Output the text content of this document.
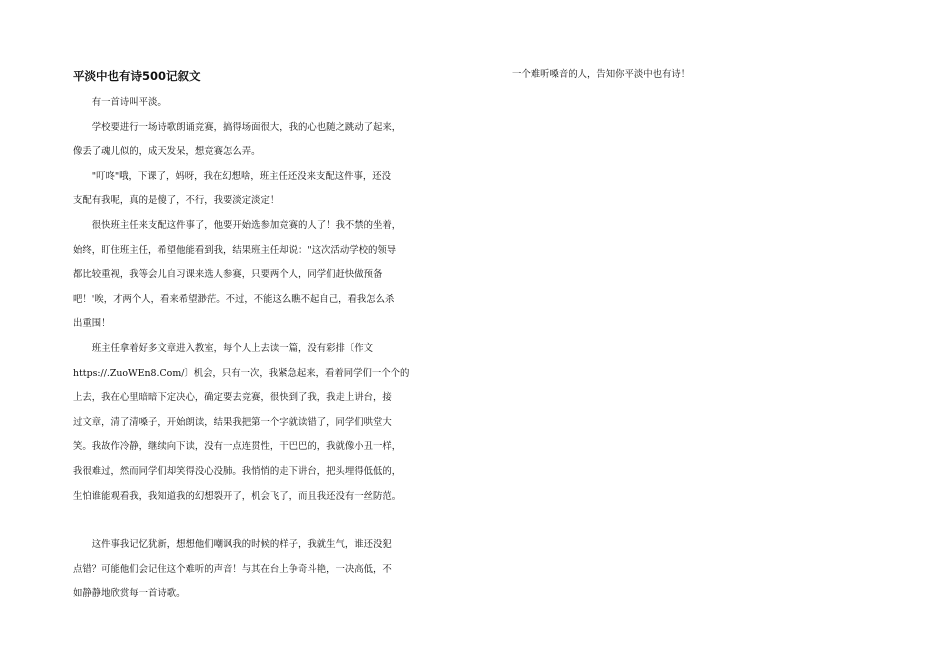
平淡中也有诗500记叙文

有一首诗叫平淡。

学校要进行一场诗歌朗诵竞赛，搞得场面很大，我的心也随之跳动了起来，
像丢了魂儿似的，成天发呆，想竞赛怎么弄。

"叮咚"哦，下课了，妈呀，我在幻想啥，班主任还没来支配这件事，还没
支配有我呢，真的是傻了，不行，我要淡定淡定！

很快班主任来支配这件事了，他要开始选参加竞赛的人了！我不禁的坐着，
始终，盯住班主任，希望他能看到我，结果班主任却说："这次活动学校的领导
都比较重视，我等会儿自习课来选人参赛，只要两个人，同学们赶快做预备
吧！'唉，才两个人，看来希望渺茫。不过，不能这么瞧不起自己，看我怎么杀
出重围！

班主任拿着好多文章进入教室，每个人上去读一篇，没有彩排〔作文
https://.ZuoWEn8.Com/〕机会，只有一次，我紧急起来，看着同学们一个个的
上去，我在心里暗暗下定决心，确定要去竞赛，很快到了我，我走上讲台，接
过文章，清了清嗓子，开始朗读，结果我把第一个字就读错了，同学们哄堂大
笑。我故作冷静，继续向下读，没有一点连贯性，干巴巴的，我就像小丑一样，
我很难过，然而同学们却笑得没心没肺。我悄悄的走下讲台，把头埋得低低的，
生怕谁能观看我，我知道我的幻想裂开了，机会飞了，而且我还没有一丝防范。

这件事我记忆犹新，想想他们嘲讽我的时候的样子，我就生气，谁还没犯
点错？可能他们会记住这个难听的声音！与其在台上争奇斗艳，一决高低，不
如静静地欣赏每一首诗歌。

一个难听嗓音的人，告知你平淡中也有诗！
